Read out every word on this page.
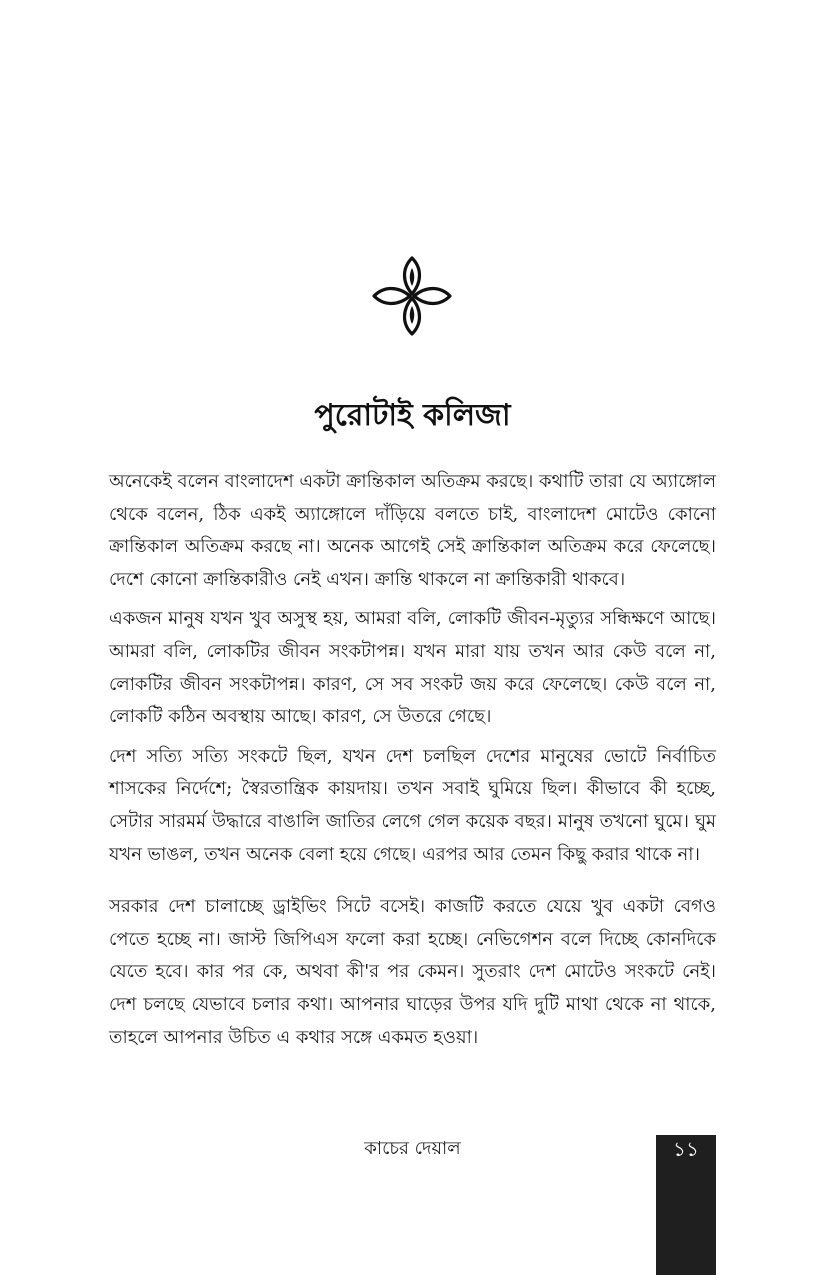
পুরোটাই কলিজা

অনেকেই বলেন বাংলাদেশ একটা ক্রান্তিকাল অতিক্রম করছে। কথাটি তারা যে অ্যাঙ্গোল থেকে বলেন, ঠিক একই অ্যাঙ্গোলে দাঁড়িয়ে বলতে চাই, বাংলাদেশ মোটেও কোনো ক্রান্তিকাল অতিক্রম করছে না। অনেক আগেই সেই ক্রান্তিকাল অতিক্রম করে ফেলেছে। দেশে কোনো ক্রান্তিকারীও নেই এখন। ক্রান্তি থাকলে না ক্রান্তিকারী থাকবে।

একজন মানুষ যখন খুব অসুস্থ হয়, আমরা বলি, লোকটি জীবন-মৃত্যুর সন্ধিক্ষণে আছে। আমরা বলি, লোকটির জীবন সংকটাপন্ন। যখন মারা যায় তখন আর কেউ বলে না, লোকটির জীবন সংকটাপন্ন। কারণ, সে সব সংকট জয় করে ফেলেছে। কেউ বলে না, লোকটি কঠিন অবস্থায় আছে। কারণ, সে উতরে গেছে।

দেশ সত্যি সত্যি সংকটে ছিল, যখন দেশ চলছিল দেশের মানুষের ভোটে নির্বাচিত শাসকের নির্দেশে; স্বৈরতান্ত্রিক কায়দায়। তখন সবাই ঘুমিয়ে ছিল। কীভাবে কী হচ্ছে, সেটার সারমর্ম উদ্ধারে বাঙালি জাতির লেগে গেল কয়েক বছর। মানুষ তখনো ঘুমে। ঘুম যখন ভাঙল, তখন অনেক বেলা হয়ে গেছে। এরপর আর তেমন কিছু করার থাকে না।

সরকার দেশ চালাচ্ছে ড্রাইভিং সিটে বসেই। কাজটি করতে যেয়ে খুব একটা বেগও পেতে হচ্ছে না। জাস্ট জিপিএস ফলো করা হচ্ছে। নেভিগেশন বলে দিচ্ছে কোনদিকে যেতে হবে। কার পর কে, অথবা কী'র পর কেমন। সুতরাং দেশ মোটেও সংকটে নেই। দেশ চলছে যেভাবে চলার কথা। আপনার ঘাড়ের উপর যদি দুটি মাথা থেকে না থাকে, তাহলে আপনার উচিত এ কথার সঙ্গে একমত হওয়া।

কাচের দেয়াল	১১
